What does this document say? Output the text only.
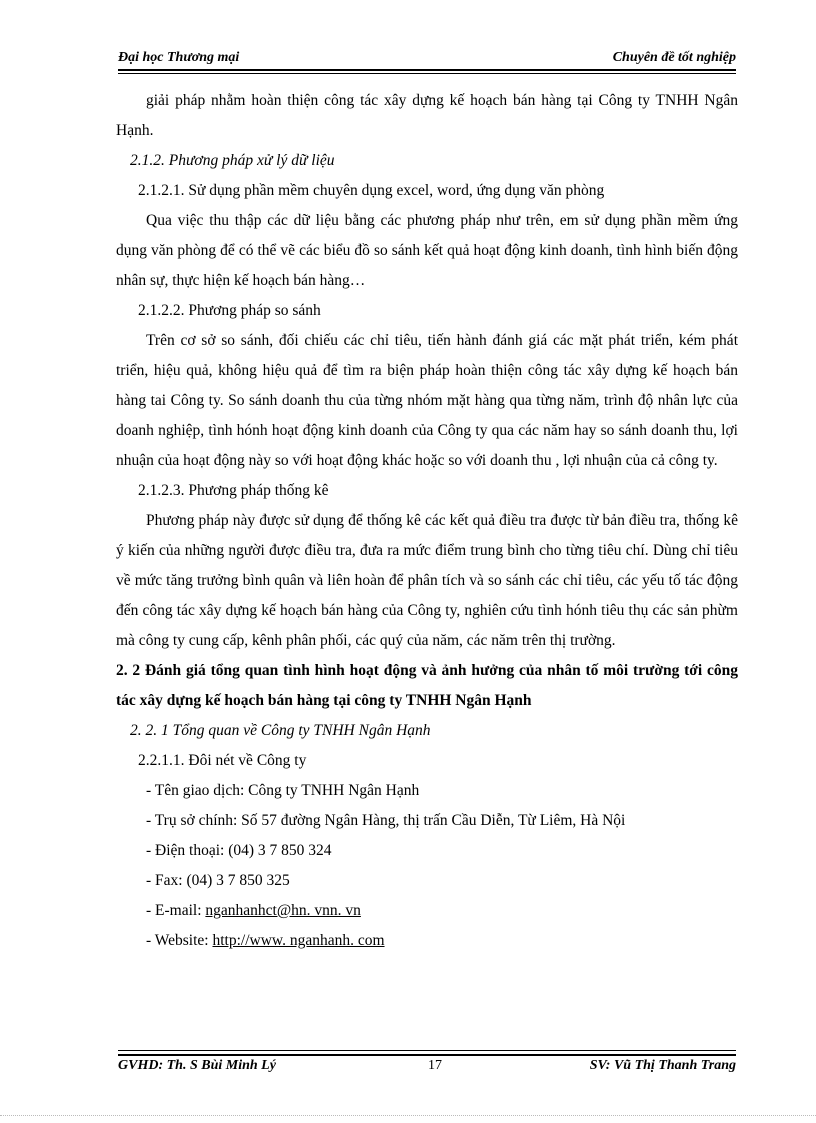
Đại học Thương mại	Chuyên đề tốt nghiệp

giải pháp nhằm hoàn thiện công tác xây dựng kế hoạch bán hàng tại Công ty TNHH Ngân Hạnh.

2.1.2. Phương pháp xử lý dữ liệu

2.1.2.1. Sử dụng phần mềm chuyên dụng excel, word, ứng dụng văn phòng

Qua việc thu thập các dữ liệu bằng các phương pháp như trên, em sử dụng phần mềm ứng dụng văn phòng để có thể vẽ các biểu đồ so sánh kết quả hoạt động kinh doanh, tình hình biến động nhân sự, thực hiện kế hoạch bán hàng…

2.1.2.2. Phương pháp so sánh

Trên cơ sở so sánh, đối chiếu các chỉ tiêu, tiến hành đánh giá các mặt phát triển, kém phát triển, hiệu quả, không hiệu quả để tìm ra biện pháp hoàn thiện công tác xây dựng kế hoạch bán hàng tai Công ty. So sánh doanh thu của từng nhóm mặt hàng qua từng năm, trình độ nhân lực của doanh nghiệp, tình hónh hoạt động kinh doanh của Công ty qua các năm hay so sánh doanh thu, lợi nhuận của hoạt động này so với hoạt động khác hoặc so với doanh thu , lợi nhuận của cả công ty.

2.1.2.3. Phương pháp thống kê

Phương pháp này được sử dụng để thống kê các kết quả điều tra được từ bản điều tra, thống kê ý kiến của những người được điều tra, đưa ra mức điểm trung bình cho từng tiêu chí. Dùng chỉ tiêu về mức tăng trưởng bình quân và liên hoàn để phân tích và so sánh các chỉ tiêu, các yếu tố tác động đến công tác xây dựng kế hoạch bán hàng của Công ty, nghiên cứu tình hónh tiêu thụ các sản phừm mà công ty cung cấp, kênh phân phối, các quý của năm, các năm trên thị trường.

2. 2 Đánh giá tổng quan tình hình hoạt động và ảnh hưởng của nhân tố môi trường tới công tác xây dựng kế hoạch bán hàng tại công ty TNHH Ngân Hạnh

2. 2. 1 Tổng quan về Công ty TNHH Ngân Hạnh

2.2.1.1. Đôi nét về Công ty

- Tên giao dịch: Công ty TNHH Ngân Hạnh

- Trụ sở chính: Số 57 đường Ngân Hàng, thị trấn Cầu Diễn, Từ Liêm, Hà Nội

- Điện thoại: (04) 3 7 850 324

- Fax: (04) 3 7 850 325

- E-mail: nganhanhct@hn. vnn. vn

- Website: http://www. nganhanh. com

GVHD: Th. S Bùi Minh Lý	17	SV: Vũ Thị Thanh Trang
